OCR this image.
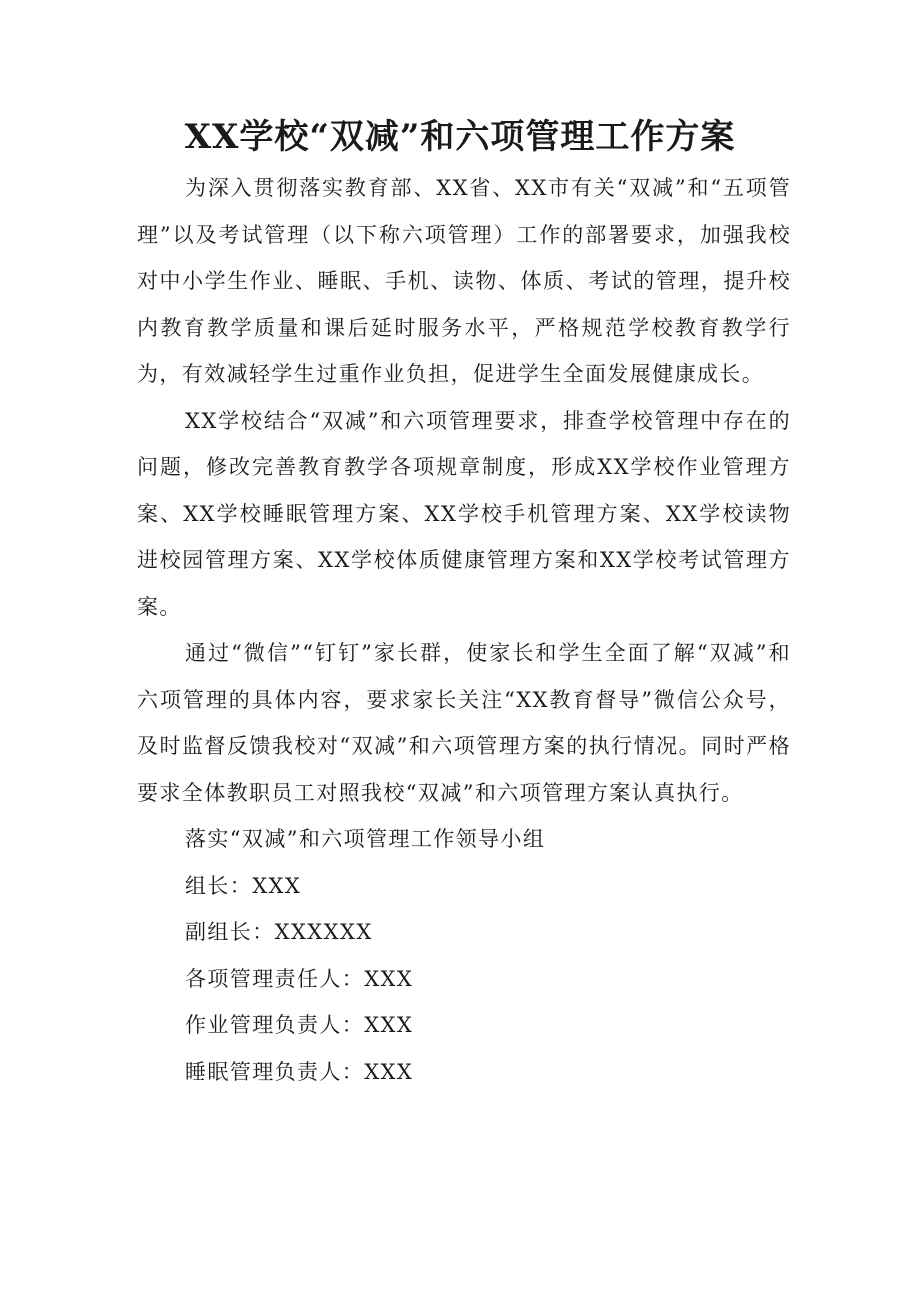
XX学校“双减”和六项管理工作方案

为深入贯彻落实教育部、XX省、XX市有关“双减”和“五项管理”以及考试管理（以下称六项管理）工作的部署要求，加强我校对中小学生作业、睡眠、手机、读物、体质、考试的管理，提升校内教育教学质量和课后延时服务水平，严格规范学校教育教学行为，有效减轻学生过重作业负担，促进学生全面发展健康成长。

XX学校结合“双减”和六项管理要求，排查学校管理中存在的问题，修改完善教育教学各项规章制度，形成XX学校作业管理方案、XX学校睡眠管理方案、XX学校手机管理方案、XX学校读物进校园管理方案、XX学校体质健康管理方案和XX学校考试管理方案。

通过“微信”“钉钉”家长群，使家长和学生全面了解“双减”和六项管理的具体内容，要求家长关注“XX教育督导”微信公众号，及时监督反馈我校对“双减”和六项管理方案的执行情况。同时严格要求全体教职员工对照我校“双减”和六项管理方案认真执行。

落实“双减”和六项管理工作领导小组

组长：XXX

副组长：XXXXXX

各项管理责任人：XXX

作业管理负责人：XXX

睡眠管理负责人：XXX
